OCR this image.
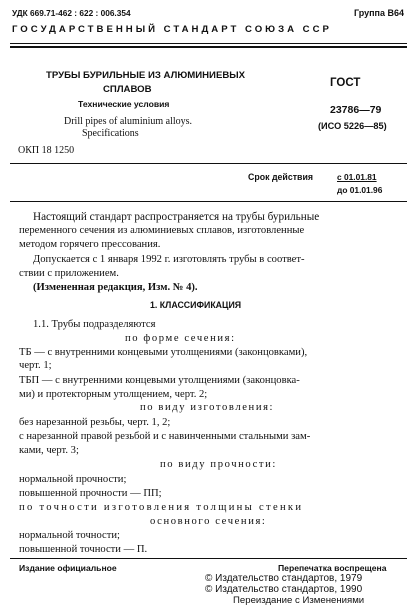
УДК 669.71-462 : 622 : 006.354	Группа В64
ГОСУДАРСТВЕННЫЙ СТАНДАРТ СОЮЗА ССР
ТРУБЫ БУРИЛЬНЫЕ ИЗ АЛЮМИНИЕВЫХ
СПЛАВОВ
Технические условия
Drill pipes of aluminium alloys.
Specifications
ОКП 18 1250
ГОСТ
23786—79
(ИСО 5226—85)
Срок действия	с 01.01.81
до 01.01.96
Настоящий стандарт распространяется на трубы бурильные
переменного сечения из алюминиевых сплавов, изготовленные
методом горячего прессования.
Допускается с 1 января 1992 г. изготовлять трубы в соответ-
ствии с приложением.
(Измененная редакция, Изм. № 4).
1. КЛАССИФИКАЦИЯ
1.1. Трубы подразделяются
по форме сечения:
ТБ — с внутренними концевыми утолщениями (законцовками),
черт. 1;
ТБП — с внутренними концевыми утолщениями (законцовка-
ми) и протекторным утолщением, черт. 2;
по виду изготовления:
без нарезанной резьбы, черт. 1, 2;
с нарезанной правой резьбой и с навинченными стальными зам-
ками, черт. 3;
по виду прочности:
нормальной прочности;
повышенной прочности — ПП;
по точности изготовления толщины стенки
основного сечения:
нормальной точности;
повышенной точности — П.
Издание официальное	Перепечатка воспрещена
© Издательство стандартов, 1979
© Издательство стандартов, 1990
Переиздание с Изменениями
